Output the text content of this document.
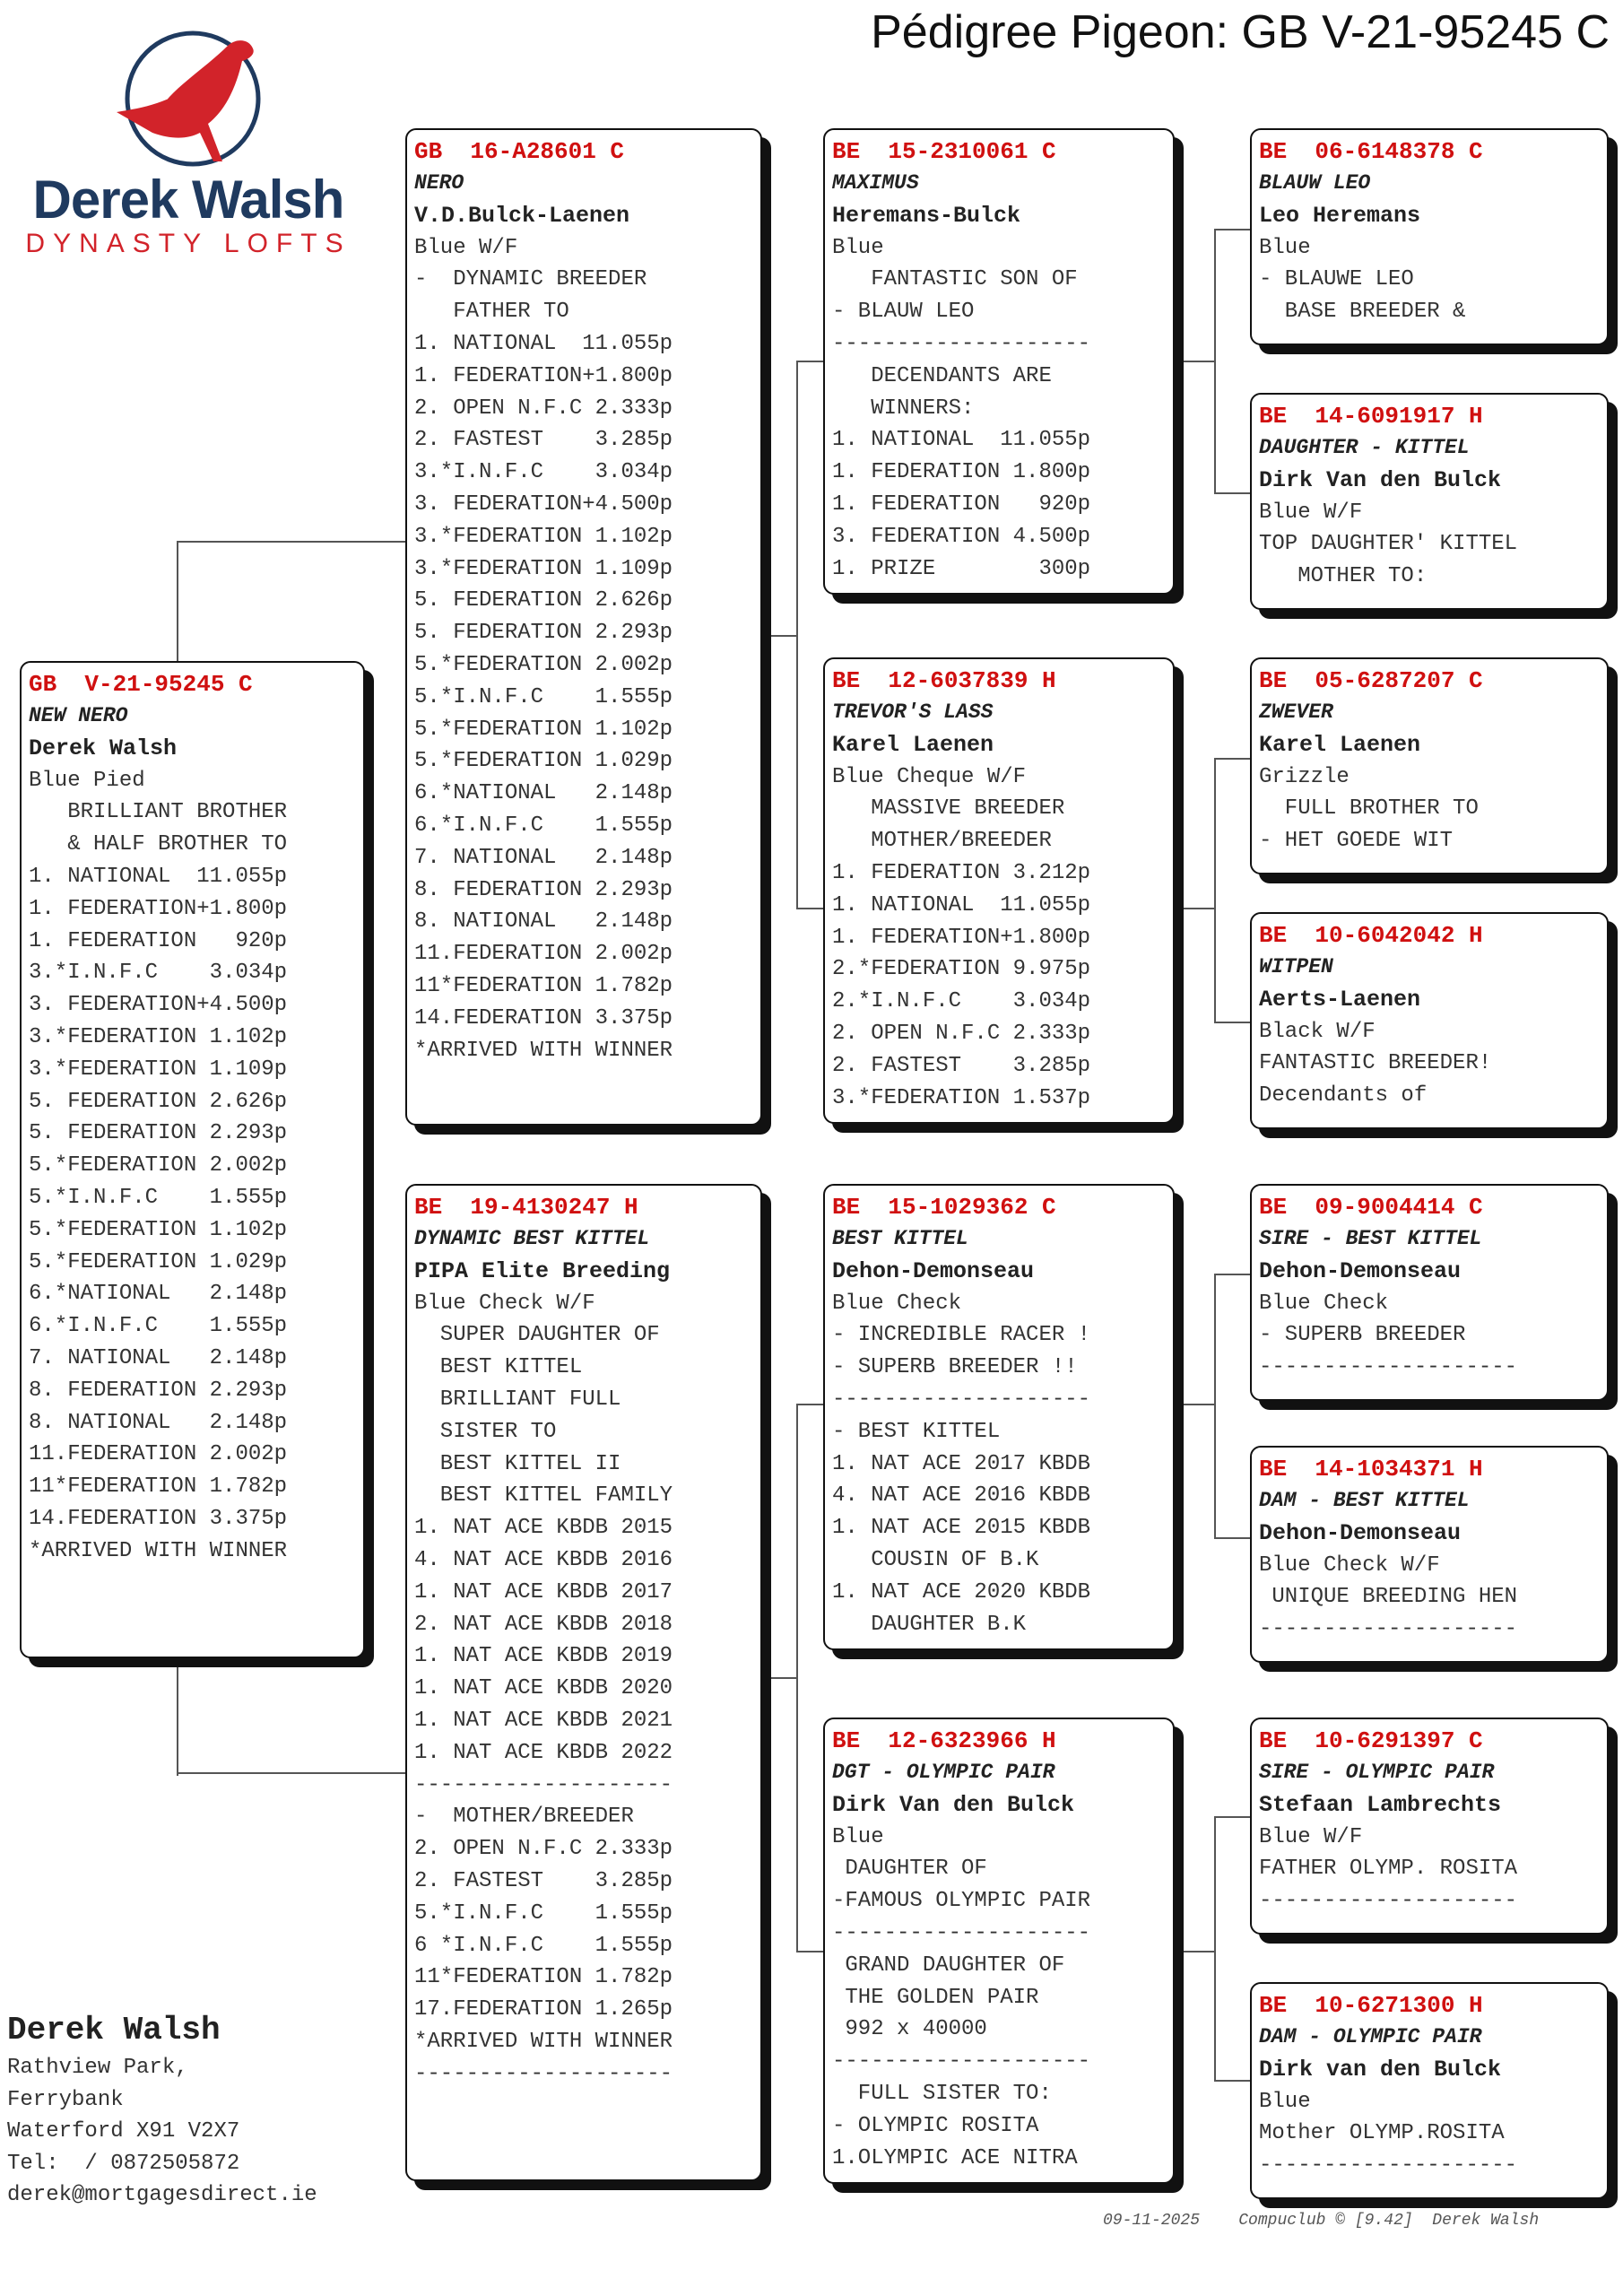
Pédigree Pigeon: GB V-21-95245 C
Derek Walsh
DYNASTY LOFTS
GB  V-21-95245 C
NEW NERO
Derek Walsh
Blue Pied
BRILLIANT BROTHER
& HALF BROTHER TO
1. NATIONAL  11.055p
1. FEDERATION+1.800p
1. FEDERATION   920p
3.*I.N.F.C    3.034p
3. FEDERATION+4.500p
3.*FEDERATION 1.102p
3.*FEDERATION 1.109p
5. FEDERATION 2.626p
5. FEDERATION 2.293p
5.*FEDERATION 2.002p
5.*I.N.F.C    1.555p
5.*FEDERATION 1.102p
5.*FEDERATION 1.029p
6.*NATIONAL   2.148p
6.*I.N.F.C    1.555p
7. NATIONAL   2.148p
8. FEDERATION 2.293p
8. NATIONAL   2.148p
11.FEDERATION 2.002p
11*FEDERATION 1.782p
14.FEDERATION 3.375p
*ARRIVED WITH WINNER
GB  16-A28601 C
NERO
V.D.Bulck-Laenen
Blue W/F
-  DYNAMIC BREEDER
FATHER TO
1. NATIONAL  11.055p
1. FEDERATION+1.800p
2. OPEN N.F.C 2.333p
2. FASTEST    3.285p
3.*I.N.F.C    3.034p
3. FEDERATION+4.500p
3.*FEDERATION 1.102p
3.*FEDERATION 1.109p
5. FEDERATION 2.626p
5. FEDERATION 2.293p
5.*FEDERATION 2.002p
5.*I.N.F.C    1.555p
5.*FEDERATION 1.102p
5.*FEDERATION 1.029p
6.*NATIONAL   2.148p
6.*I.N.F.C    1.555p
7. NATIONAL   2.148p
8. FEDERATION 2.293p
8. NATIONAL   2.148p
11.FEDERATION 2.002p
11*FEDERATION 1.782p
14.FEDERATION 3.375p
*ARRIVED WITH WINNER
BE  19-4130247 H
DYNAMIC BEST KITTEL
PIPA Elite Breeding
Blue Check W/F
SUPER DAUGHTER OF
BEST KITTEL
BRILLIANT FULL
SISTER TO
BEST KITTEL II
BEST KITTEL FAMILY
1. NAT ACE KBDB 2015
4. NAT ACE KBDB 2016
1. NAT ACE KBDB 2017
2. NAT ACE KBDB 2018
1. NAT ACE KBDB 2019
1. NAT ACE KBDB 2020
1. NAT ACE KBDB 2021
1. NAT ACE KBDB 2022
--------------------
-  MOTHER/BREEDER
2. OPEN N.F.C 2.333p
2. FASTEST    3.285p
5.*I.N.F.C    1.555p
6 *I.N.F.C    1.555p
11*FEDERATION 1.782p
17.FEDERATION 1.265p
*ARRIVED WITH WINNER
--------------------
BE  15-2310061 C
MAXIMUS
Heremans-Bulck
Blue
FANTASTIC SON OF
- BLAUW LEO
--------------------
DECENDANTS ARE
WINNERS:
1. NATIONAL  11.055p
1. FEDERATION 1.800p
1. FEDERATION   920p
3. FEDERATION 4.500p
1. PRIZE        300p
BE  12-6037839 H
TREVOR'S LASS
Karel Laenen
Blue Cheque W/F
MASSIVE BREEDER
MOTHER/BREEDER
1. FEDERATION 3.212p
1. NATIONAL  11.055p
1. FEDERATION+1.800p
2.*FEDERATION 9.975p
2.*I.N.F.C    3.034p
2. OPEN N.F.C 2.333p
2. FASTEST    3.285p
3.*FEDERATION 1.537p
BE  15-1029362 C
BEST KITTEL
Dehon-Demonseau
Blue Check
- INCREDIBLE RACER !
- SUPERB BREEDER !!
--------------------
- BEST KITTEL
1. NAT ACE 2017 KBDB
4. NAT ACE 2016 KBDB
1. NAT ACE 2015 KBDB
COUSIN OF B.K
1. NAT ACE 2020 KBDB
DAUGHTER B.K
BE  12-6323966 H
DGT - OLYMPIC PAIR
Dirk Van den Bulck
Blue
DAUGHTER OF
-FAMOUS OLYMPIC PAIR
--------------------
GRAND DAUGHTER OF
THE GOLDEN PAIR
992 x 40000
--------------------
FULL SISTER TO:
- OLYMPIC ROSITA
1.OLYMPIC ACE NITRA
BE  06-6148378 C
BLAUW LEO
Leo Heremans
Blue
- BLAUWE LEO
BASE BREEDER &
BE  14-6091917 H
DAUGHTER - KITTEL
Dirk Van den Bulck
Blue W/F
TOP DAUGHTER' KITTEL
MOTHER TO:
BE  05-6287207 C
ZWEVER
Karel Laenen
Grizzle
FULL BROTHER TO
- HET GOEDE WIT
BE  10-6042042 H
WITPEN
Aerts-Laenen
Black W/F
FANTASTIC BREEDER!
Decendants of
BE  09-9004414 C
SIRE - BEST KITTEL
Dehon-Demonseau
Blue Check
- SUPERB BREEDER
--------------------
BE  14-1034371 H
DAM - BEST KITTEL
Dehon-Demonseau
Blue Check W/F
UNIQUE BREEDING HEN
--------------------
BE  10-6291397 C
SIRE - OLYMPIC PAIR
Stefaan Lambrechts
Blue W/F
FATHER OLYMP. ROSITA
--------------------
BE  10-6271300 H
DAM - OLYMPIC PAIR
Dirk van den Bulck
Blue
Mother OLYMP.ROSITA
--------------------
Derek Walsh
Rathview Park,
Ferrybank
Waterford X91 V2X7
Tel:  / 0872505872
derek@mortgagesdirect.ie
09-11-2025 Compuclub © [9.42] Derek Walsh
